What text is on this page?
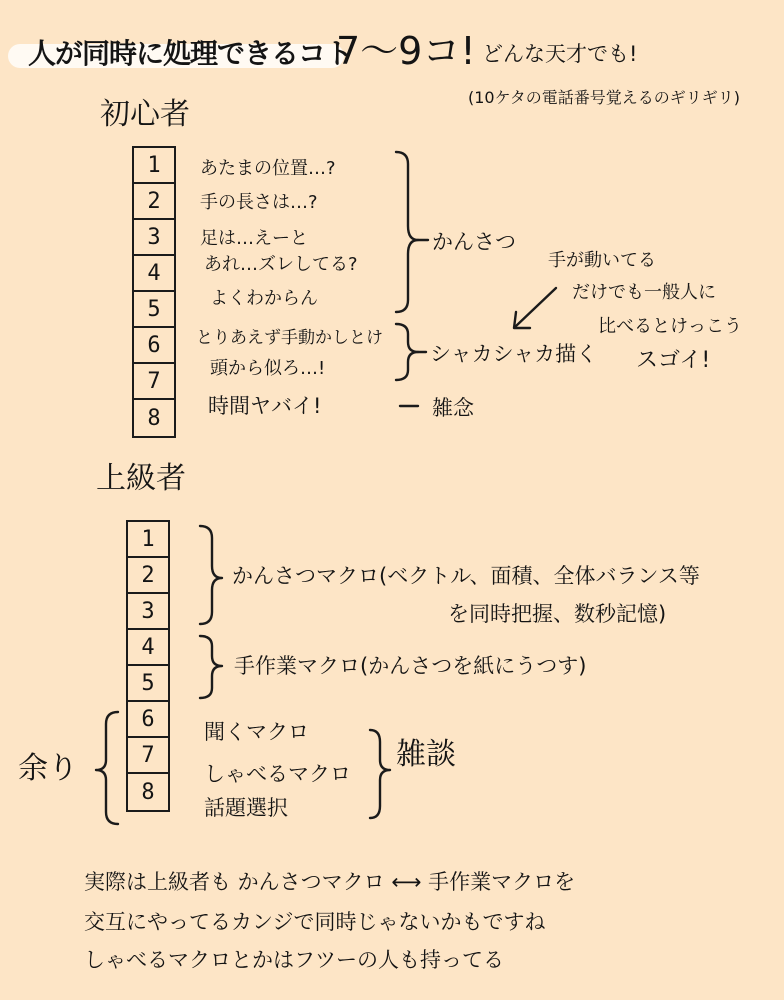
人が同時に処理できるコト
7〜9コ! どんな天才でも!
(10ケタの電話番号覚えるのギリギリ)
初心者
1
2
3
4
5
6
7
8
あたまの位置…?
手の長さは…?
足は…えーと
あれ…ズレしてる?
よくわからん
とりあえず手動かしとけ
頭から似ろ…!
時間ヤバイ!
かんさつ
シャカシャカ描く
雑念
手が動いてる
だけでも一般人に
比べるとけっこう
スゴイ!
上級者
1
2
3
4
5
6
7
8
かんさつマクロ(ベクトル、面積、全体バランス等
を同時把握、数秒記憶)
手作業マクロ(かんさつを紙にうつす)
聞くマクロ
しゃべるマクロ
話題選択
雑談
余り
実際は上級者も かんさつマクロ ⟷ 手作業マクロを
交互にやってるカンジで同時じゃないかもですね
しゃべるマクロとかはフツーの人も持ってる
